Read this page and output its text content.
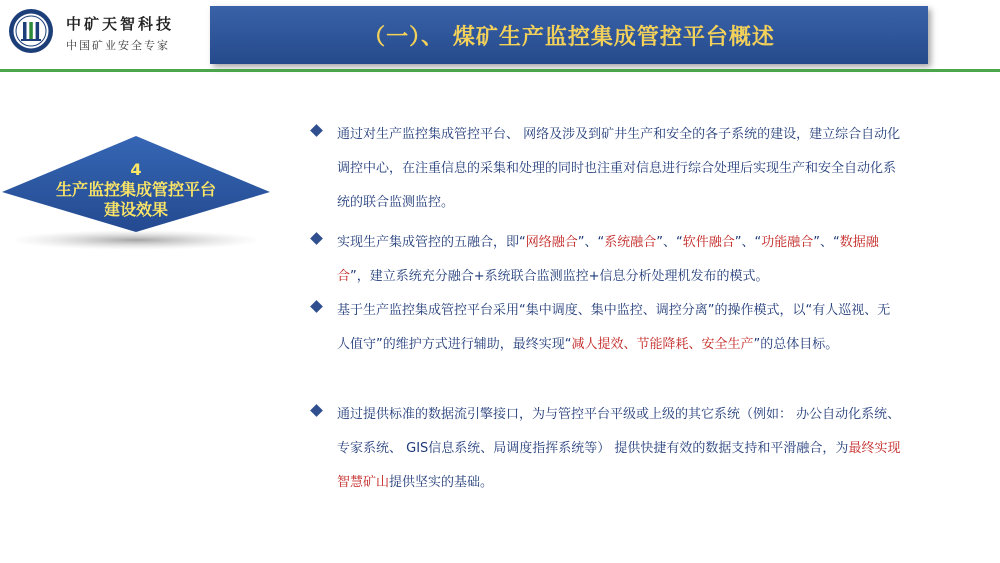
中矿天智科技
中国矿业安全专家	（一）、 煤矿生产监控集成管控平台概述
4
生产监控集成管控平台
建设效果
通过对生产监控集成管控平台、 网络及涉及到矿井生产和安全的各子系统的建设，建立综合自动化调控中心，在注重信息的采集和处理的同时也注重对信息进行综合处理后实现生产和安全自动化系统的联合监测监控。
实现生产集成管控的五融合，即“网络融合”、“系统融合”、“软件融合”、“功能融合”、“数据融合”，建立系统充分融合+系统联合监测监控+信息分析处理机发布的模式。
基于生产监控集成管控平台采用“集中调度、集中监控、调控分离”的操作模式，以“有人巡视、无人值守”的维护方式进行辅助，最终实现“减人提效、节能降耗、安全生产”的总体目标。
通过提供标准的数据流引擎接口，为与管控平台平级或上级的其它系统（例如： 办公自动化系统、专家系统、 GIS信息系统、局调度指挥系统等） 提供快捷有效的数据支持和平滑融合，为最终实现智慧矿山提供坚实的基础。
